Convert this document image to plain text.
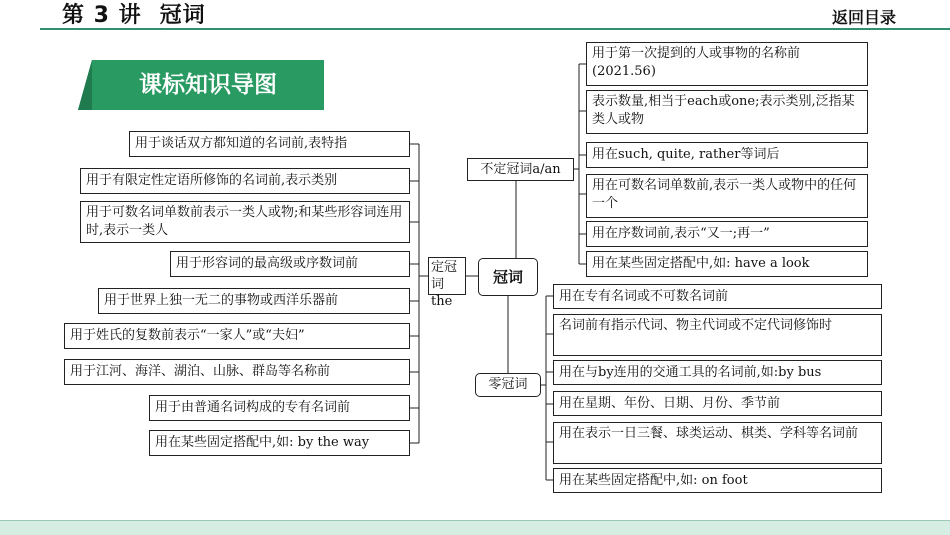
第 3 讲 冠词	返回目录
课标知识导图
冠词
定冠
词the
用于谈话双方都知道的名词前,表特指
用于有限定性定语所修饰的名词前,表示类别
用于可数名词单数前表示一类人或物;和某些形容词连用时,表示一类人
用于形容词的最高级或序数词前
用于世界上独一无二的事物或西洋乐器前
用于姓氏的复数前表示“一家人”或“夫妇”
用于江河、海洋、湖泊、山脉、群岛等名称前
用于由普通名词构成的专有名词前
用在某些固定搭配中,如: by the way
不定冠词a/an
用于第一次提到的人或事物的名称前(2021.56)
表示数量,相当于each或one;表示类别,泛指某类人或物
用在such, quite, rather等词后
用在可数名词单数前,表示一类人或物中的任何一个
用在序数词前,表示“又一;再一”
用在某些固定搭配中,如: have a look
零冠词
用在专有名词或不可数名词前
名词前有指示代词、物主代词或不定代词修饰时
用在与by连用的交通工具的名词前,如:by bus
用在星期、年份、日期、月份、季节前
用在表示一日三餐、球类运动、棋类、学科等名词前
用在某些固定搭配中,如: on foot
